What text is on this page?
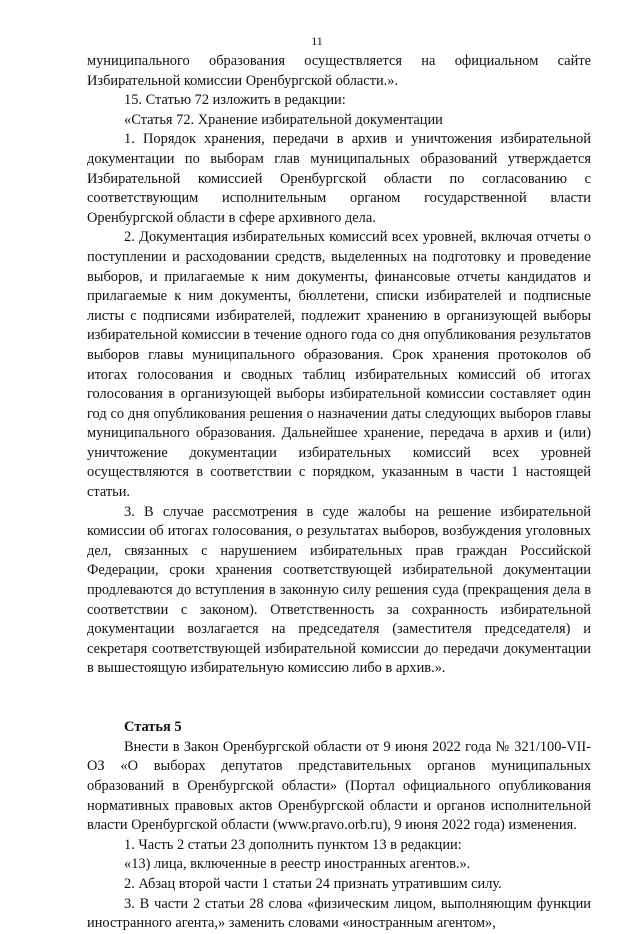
11

муниципального образования осуществляется на официальном сайте Избирательной комиссии Оренбургской области.».

15. Статью 72 изложить в редакции:

«Статья 72. Хранение избирательной документации

1. Порядок хранения, передачи в архив и уничтожения избирательной документации по выборам глав муниципальных образований утверждается Избирательной комиссией Оренбургской области по согласованию с соответствующим исполнительным органом государственной власти Оренбургской области в сфере архивного дела.

2. Документация избирательных комиссий всех уровней, включая отчеты о поступлении и расходовании средств, выделенных на подготовку и проведение выборов, и прилагаемые к ним документы, финансовые отчеты кандидатов и прилагаемые к ним документы, бюллетени, списки избирателей и подписные листы с подписями избирателей, подлежит хранению в организующей выборы избирательной комиссии в течение одного года со дня опубликования результатов выборов главы муниципального образования. Срок хранения протоколов об итогах голосования и сводных таблиц избирательных комиссий об итогах голосования в организующей выборы избирательной комиссии составляет один год со дня опубликования решения о назначении даты следующих выборов главы муниципального образования. Дальнейшее хранение, передача в архив и (или) уничтожение документации избирательных комиссий всех уровней осуществляются в соответствии с порядком, указанным в части 1 настоящей статьи.

3. В случае рассмотрения в суде жалобы на решение избирательной комиссии об итогах голосования, о результатах выборов, возбуждения уголовных дел, связанных с нарушением избирательных прав граждан Российской Федерации, сроки хранения соответствующей избирательной документации продлеваются до вступления в законную силу решения суда (прекращения дела в соответствии с законом). Ответственность за сохранность избирательной документации возлагается на председателя (заместителя председателя) и секретаря соответствующей избирательной комиссии до передачи документации в вышестоящую избирательную комиссию либо в архив.».

Статья 5

Внести в Закон Оренбургской области от 9 июня 2022 года № 321/100-VII-ОЗ «О выборах депутатов представительных органов муниципальных образований в Оренбургской области» (Портал официального опубликования нормативных правовых актов Оренбургской области и органов исполнительной власти Оренбургской области (www.pravo.orb.ru), 9 июня 2022 года) изменения.

1. Часть 2 статьи 23 дополнить пунктом 13 в редакции:

«13) лица, включенные в реестр иностранных агентов.».

2. Абзац второй части 1 статьи 24 признать утратившим силу.

3. В части 2 статьи 28 слова «физическим лицом, выполняющим функции иностранного агента,» заменить словами «иностранным агентом»,
